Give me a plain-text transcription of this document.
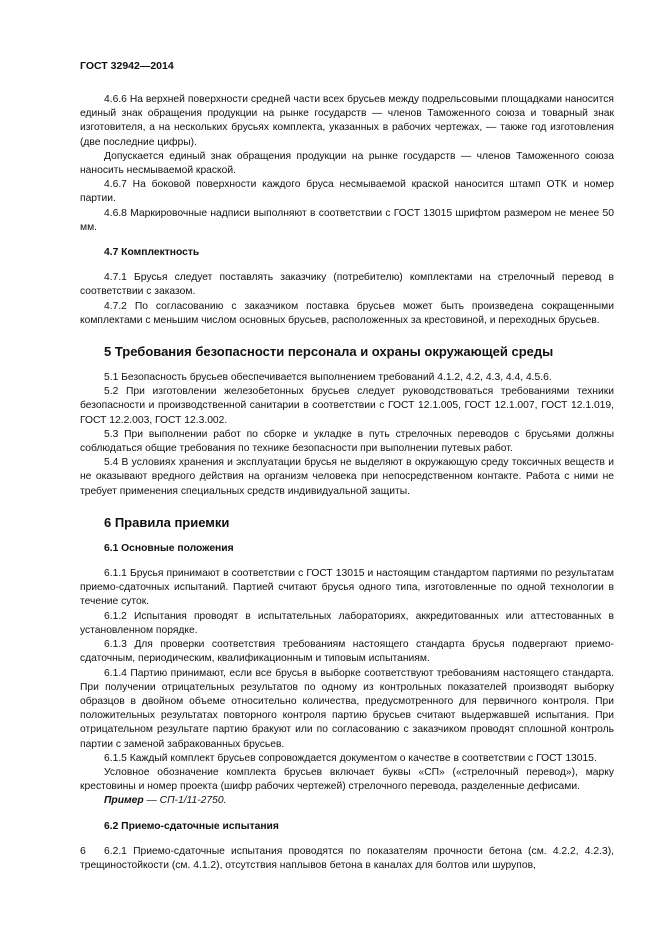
ГОСТ 32942—2014

4.6.6 На верхней поверхности средней части всех брусьев между подрельсовыми площадками наносится единый знак обращения продукции на рынке государств — членов Таможенного союза и товарный знак изготовителя, а на нескольких брусьях комплекта, указанных в рабочих чертежах, — также год изготовления (две последние цифры).

Допускается единый знак обращения продукции на рынке государств — членов Таможенного союза наносить несмываемой краской.

4.6.7 На боковой поверхности каждого бруса несмываемой краской наносится штамп ОТК и номер партии.

4.6.8 Маркировочные надписи выполняют в соответствии с ГОСТ 13015 шрифтом размером не менее 50 мм.

4.7 Комплектность

4.7.1 Брусья следует поставлять заказчику (потребителю) комплектами на стрелочный перевод в соответствии с заказом.

4.7.2 По согласованию с заказчиком поставка брусьев может быть произведена сокращенными комплектами с меньшим числом основных брусьев, расположенных за крестовиной, и переходных брусьев.

5 Требования безопасности персонала и охраны окружающей среды

5.1 Безопасность брусьев обеспечивается выполнением требований 4.1.2, 4.2, 4.3, 4.4, 4.5.6.

5.2 При изготовлении железобетонных брусьев следует руководствоваться требованиями техники безопасности и производственной санитарии в соответствии с ГОСТ 12.1.005, ГОСТ 12.1.007, ГОСТ 12.1.019, ГОСТ 12.2.003, ГОСТ 12.3.002.

5.3 При выполнении работ по сборке и укладке в путь стрелочных переводов с брусьями должны соблюдаться общие требования по технике безопасности при выполнении путевых работ.

5.4 В условиях хранения и эксплуатации брусья не выделяют в окружающую среду токсичных веществ и не оказывают вредного действия на организм человека при непосредственном контакте. Работа с ними не требует применения специальных средств индивидуальной защиты.

6 Правила приемки

6.1 Основные положения

6.1.1 Брусья принимают в соответствии с ГОСТ 13015 и настоящим стандартом партиями по результатам приемо-сдаточных испытаний. Партией считают брусья одного типа, изготовленные по одной технологии в течение суток.

6.1.2 Испытания проводят в испытательных лабораториях, аккредитованных или аттестованных в установленном порядке.

6.1.3 Для проверки соответствия требованиям настоящего стандарта брусья подвергают приемо-сдаточным, периодическим, квалификационным и типовым испытаниям.

6.1.4 Партию принимают, если все брусья в выборке соответствуют требованиям настоящего стандарта. При получении отрицательных результатов по одному из контрольных показателей производят выборку образцов в двойном объеме относительно количества, предусмотренного для первичного контроля. При положительных результатах повторного контроля партию брусьев считают выдержавшей испытания. При отрицательном результате партию бракуют или по согласованию с заказчиком проводят сплошной контроль партии с заменой забракованных брусьев.

6.1.5 Каждый комплект брусьев сопровождается документом о качестве в соответствии с ГОСТ 13015.

Условное обозначение комплекта брусьев включает буквы «СП» («стрелочный перевод»), марку крестовины и номер проекта (шифр рабочих чертежей) стрелочного перевода, разделенные дефисами.

Пример — СП-1/11-2750.

6.2 Приемо-сдаточные испытания

6.2.1 Приемо-сдаточные испытания проводятся по показателям прочности бетона (см. 4.2.2, 4.2.3), трещиностойкости (см. 4.1.2), отсутствия наплывов бетона в каналах для болтов или шурупов,

6
